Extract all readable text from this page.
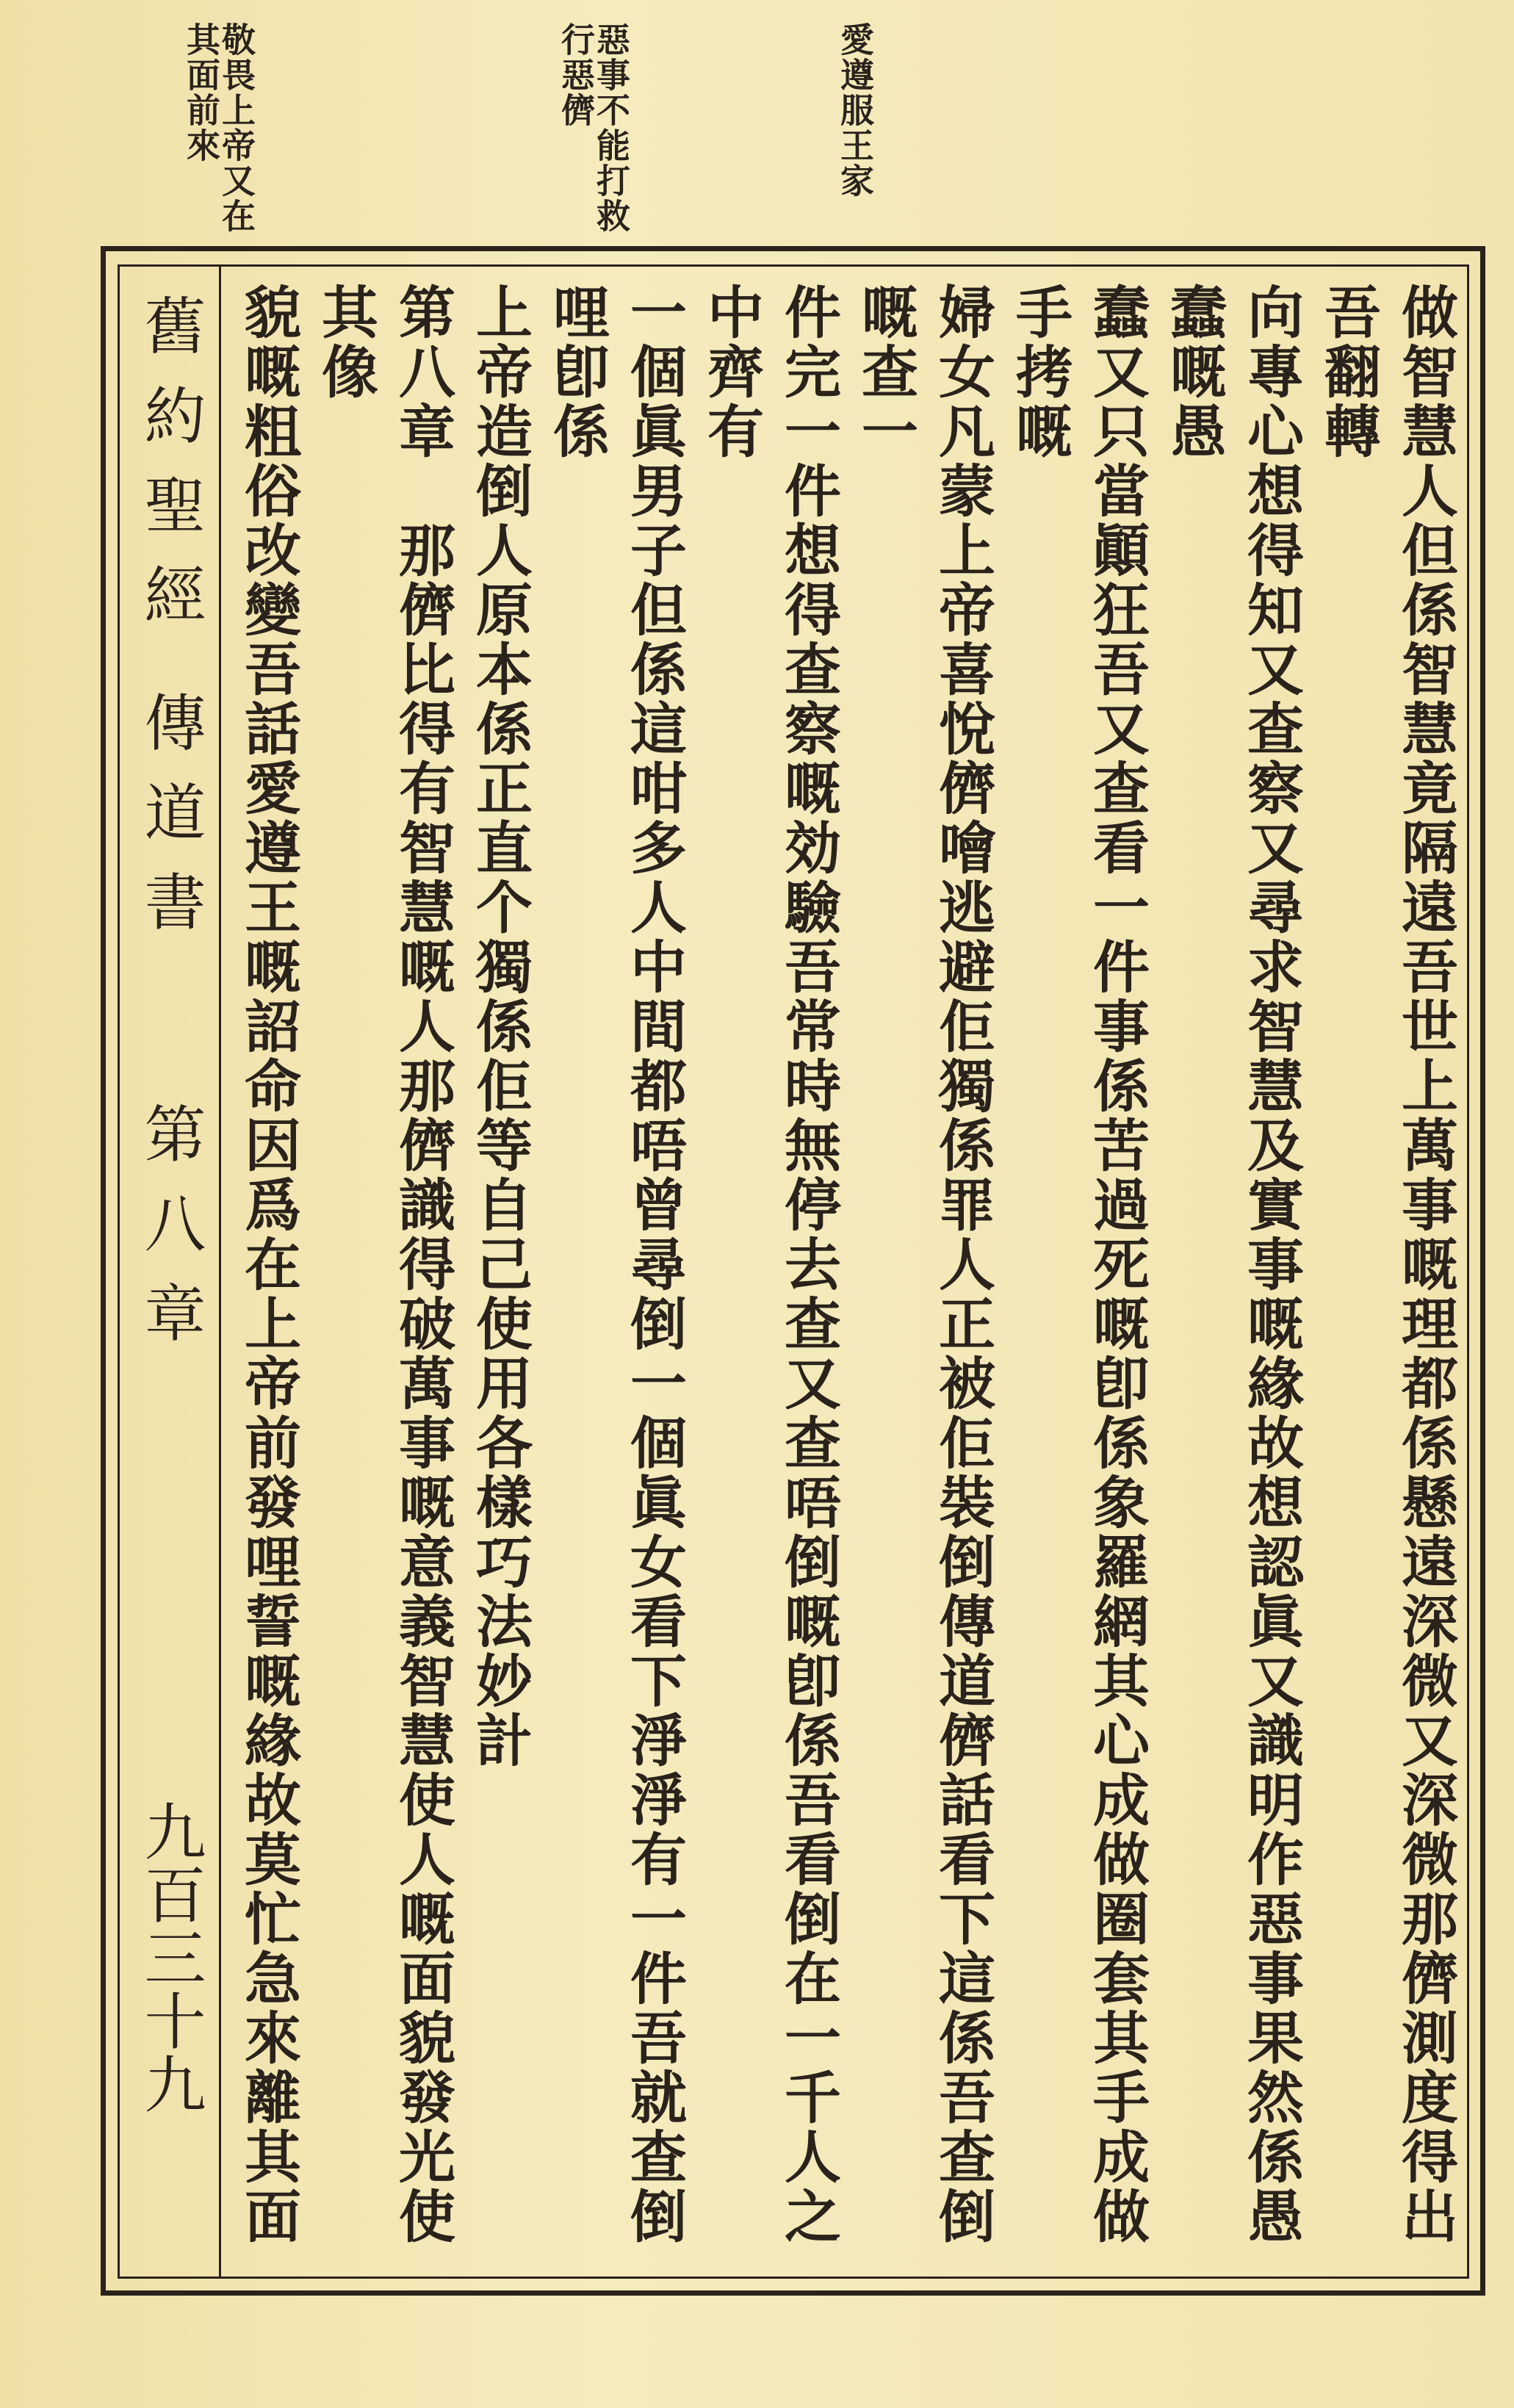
惡事不能打救行惡儕	愛遵服王家
敬畏上帝又在其面前來
舊約聖經
傳道書
第八章
九百三十九	做智慧人但係智慧竟隔遠吾世上萬事嘅理都係懸遠深微又深微那儕測度得出吾翻轉
向專心想得知又查察又尋求智慧及實事嘅緣故想認眞又識明作惡事果然係愚蠢嘅愚
蠢又只當顚狂吾又查看一件事係苦過死嘅卽係象羅網其心成做圈套其手成做手拷嘅
婦女凡蒙上帝喜悅儕噲逃避佢獨係罪人正被佢裝倒傳道儕話看下這係吾查倒嘅查一
件完一件想得查察嘅効驗吾常時無停去查又查唔倒嘅卽係吾看倒在一千人之中齊有
一個眞男子但係這咁多人中間都唔曾尋倒一個眞女看下淨淨有一件吾就查倒哩卽係
上帝造倒人原本係正直个獨係佢等自己使用各樣巧法妙計
第八章　那儕比得有智慧嘅人那儕識得破萬事嘅意義智慧使人嘅面貌發光使其像
貌嘅粗俗改變吾話愛遵王嘅詔命因爲在上帝前發哩誓嘅緣故莫忙急來離其面
